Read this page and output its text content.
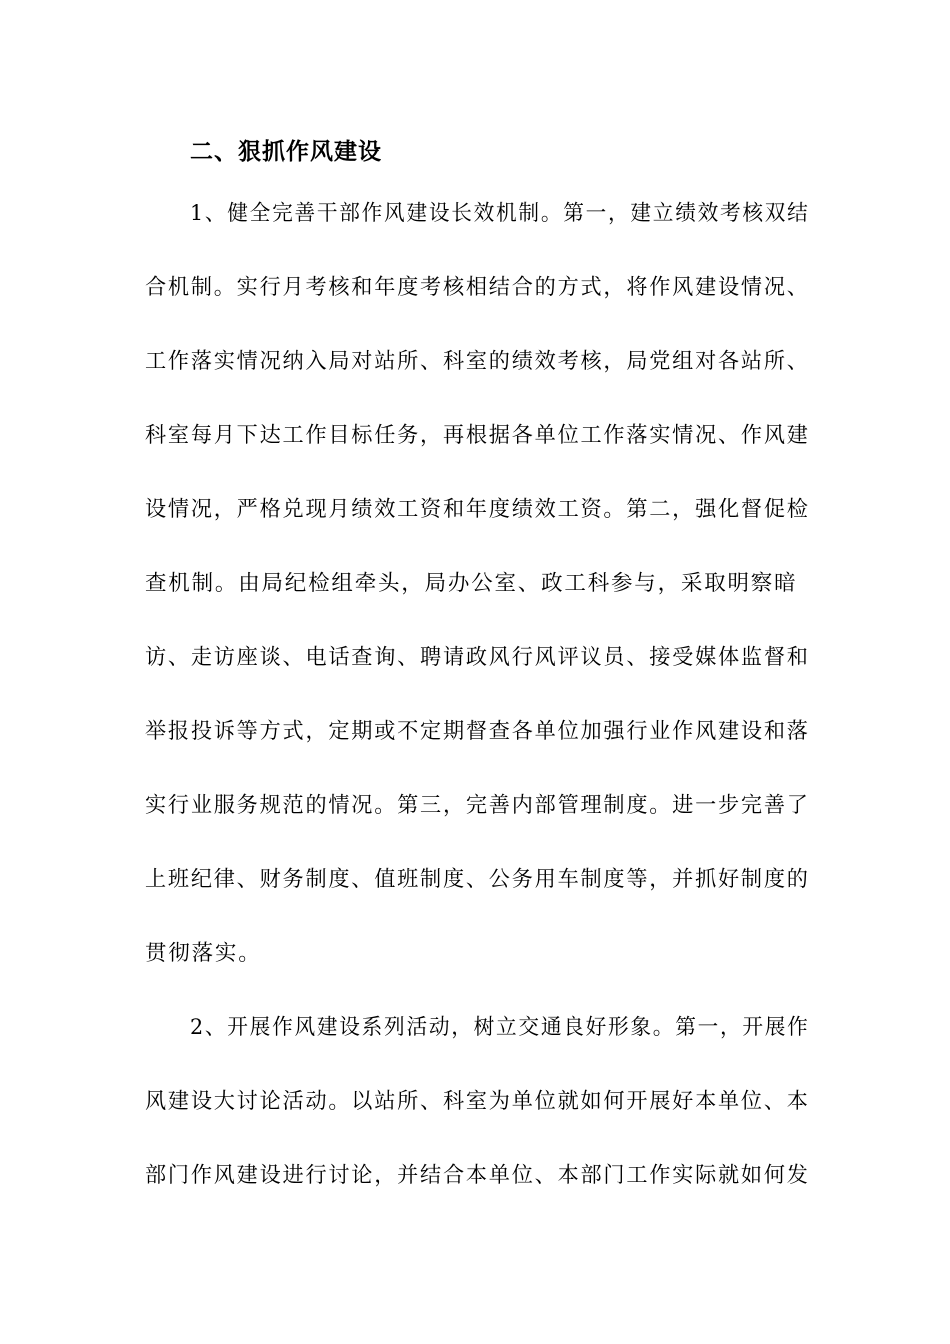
二、狠抓作风建设
1、健全完善干部作风建设长效机制。第一，建立绩效考核双结
合机制。实行月考核和年度考核相结合的方式，将作风建设情况、
工作落实情况纳入局对站所、科室的绩效考核，局党组对各站所、
科室每月下达工作目标任务，再根据各单位工作落实情况、作风建
设情况，严格兑现月绩效工资和年度绩效工资。第二，强化督促检
查机制。由局纪检组牵头，局办公室、政工科参与，采取明察暗
访、走访座谈、电话查询、聘请政风行风评议员、接受媒体监督和
举报投诉等方式，定期或不定期督查各单位加强行业作风建设和落
实行业服务规范的情况。第三，完善内部管理制度。进一步完善了
上班纪律、财务制度、值班制度、公务用车制度等，并抓好制度的
贯彻落实。
2、开展作风建设系列活动，树立交通良好形象。第一，开展作
风建设大讨论活动。以站所、科室为单位就如何开展好本单位、本
部门作风建设进行讨论，并结合本单位、本部门工作实际就如何发
